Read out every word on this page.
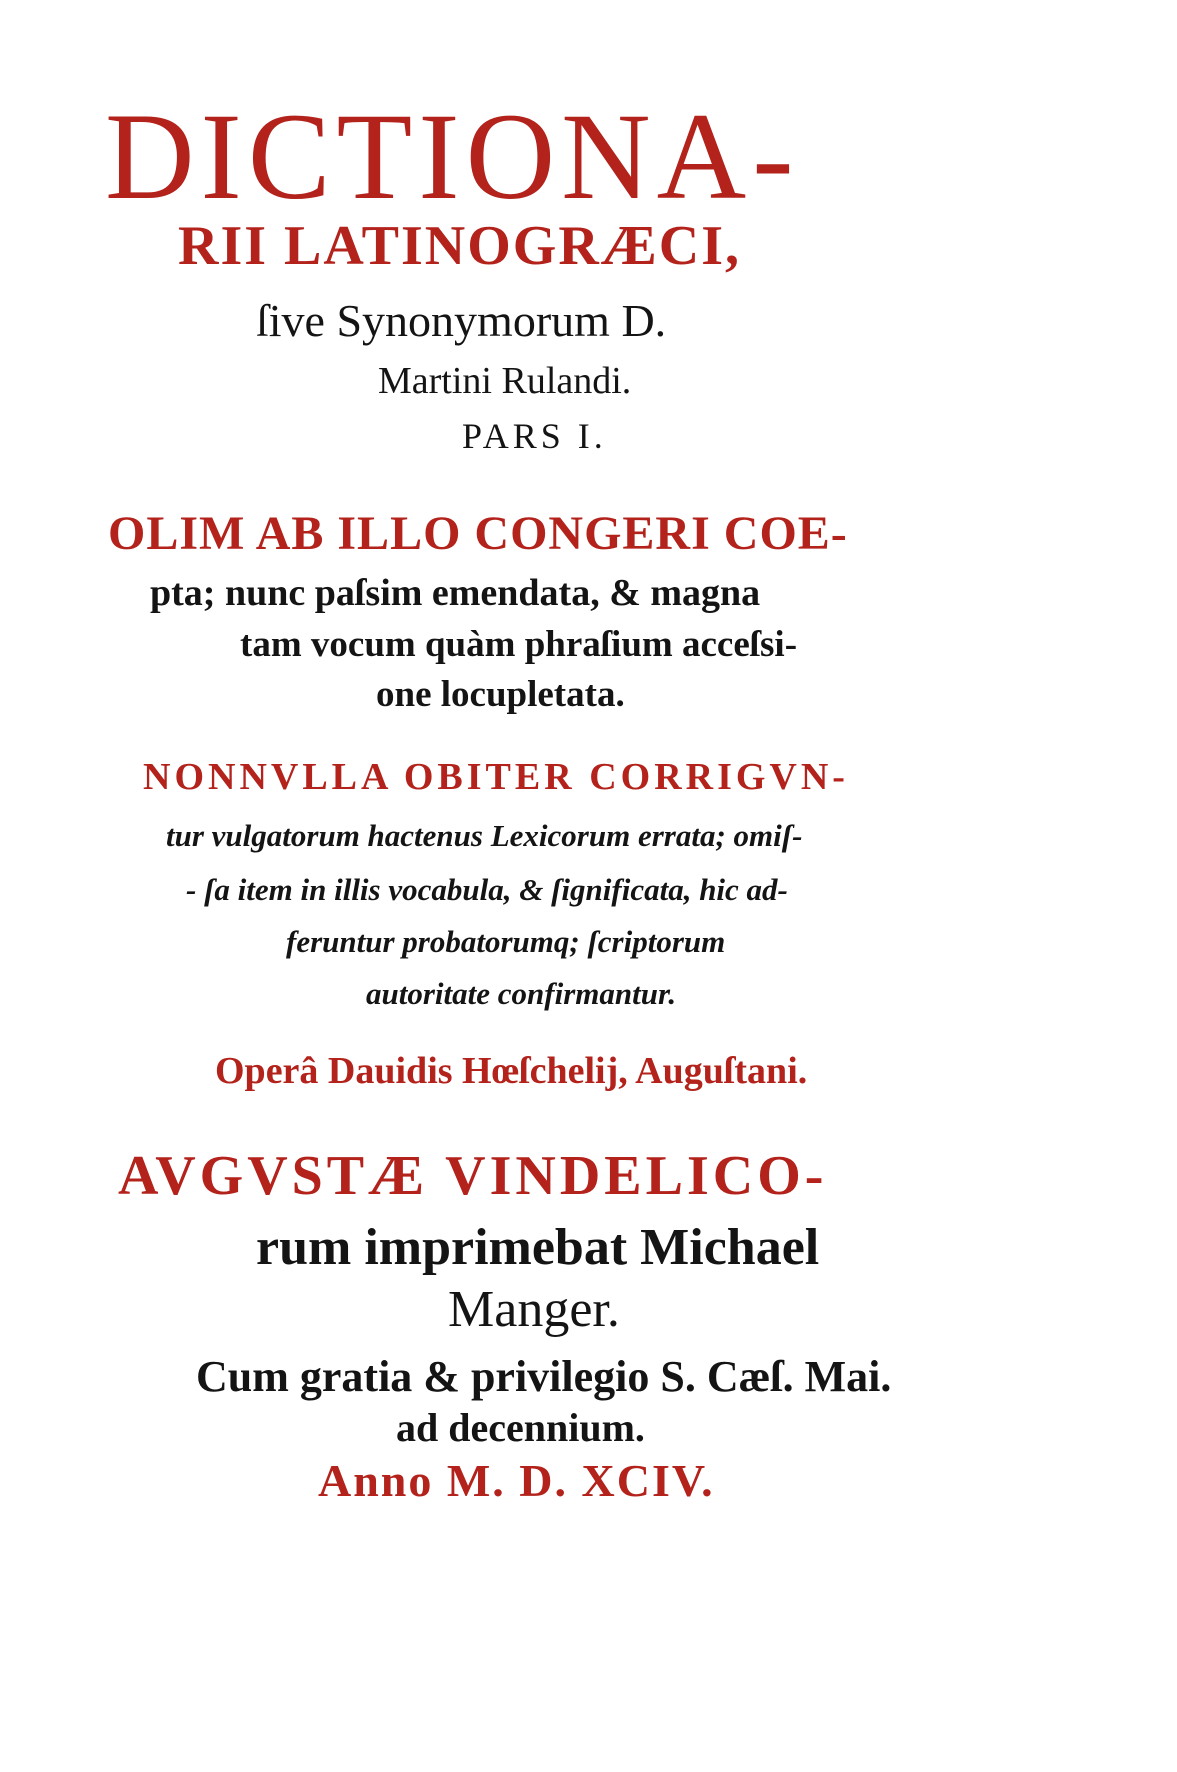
DICTIONA-
RII LATINOGRÆCI,
ſive Synonymorum D.
Martini Rulandi.
PARS I.
OLIM AB ILLO CONGERI COE-
pta; nunc paſsim emendata, & magna
tam vocum quàm phraſium acceſsi-
one locupletata.
NONNVLLA OBITER CORRIGVN-
tur vulgatorum hactenus Lexicorum errata; omiſ-
- ſa item in illis vocabula, & ſignificata, hic ad-
feruntur probatorumq; ſcriptorum
autoritate confirmantur.
Operâ Dauidis Hœſchelij, Auguſtani.
AVGVSTÆ VINDELICO-
rum imprimebat Michael
Manger.
Cum gratia & privilegio S. Cæſ. Mai.
ad decennium.
Anno M. D. XCIV.
